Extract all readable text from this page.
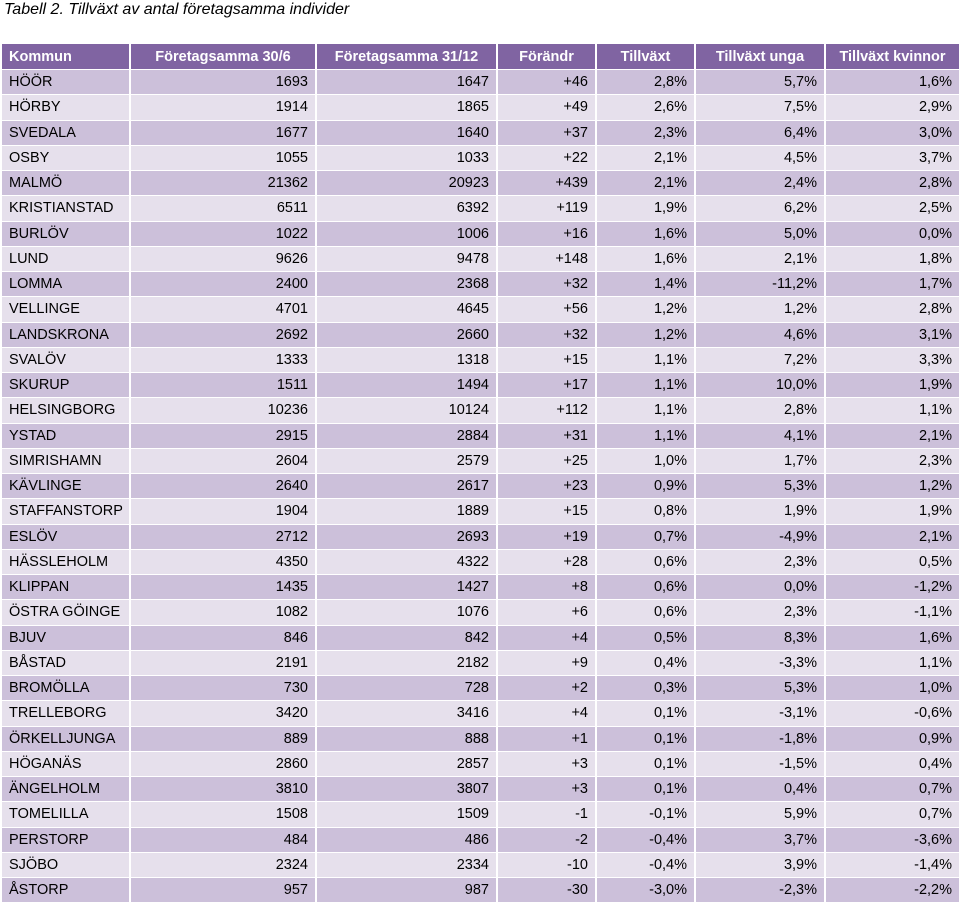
Tabell 2. Tillväxt av antal företagsamma individer
Kommun	Företagsamma 30/6	Företagsamma 31/12	Förändr	Tillväxt	Tillväxt unga	Tillväxt kvinnor
HÖÖR	1693	1647	+46	2,8%	5,7%	1,6%
HÖRBY	1914	1865	+49	2,6%	7,5%	2,9%
SVEDALA	1677	1640	+37	2,3%	6,4%	3,0%
OSBY	1055	1033	+22	2,1%	4,5%	3,7%
MALMÖ	21362	20923	+439	2,1%	2,4%	2,8%
KRISTIANSTAD	6511	6392	+119	1,9%	6,2%	2,5%
BURLÖV	1022	1006	+16	1,6%	5,0%	0,0%
LUND	9626	9478	+148	1,6%	2,1%	1,8%
LOMMA	2400	2368	+32	1,4%	-11,2%	1,7%
VELLINGE	4701	4645	+56	1,2%	1,2%	2,8%
LANDSKRONA	2692	2660	+32	1,2%	4,6%	3,1%
SVALÖV	1333	1318	+15	1,1%	7,2%	3,3%
SKURUP	1511	1494	+17	1,1%	10,0%	1,9%
HELSINGBORG	10236	10124	+112	1,1%	2,8%	1,1%
YSTAD	2915	2884	+31	1,1%	4,1%	2,1%
SIMRISHAMN	2604	2579	+25	1,0%	1,7%	2,3%
KÄVLINGE	2640	2617	+23	0,9%	5,3%	1,2%
STAFFANSTORP	1904	1889	+15	0,8%	1,9%	1,9%
ESLÖV	2712	2693	+19	0,7%	-4,9%	2,1%
HÄSSLEHOLM	4350	4322	+28	0,6%	2,3%	0,5%
KLIPPAN	1435	1427	+8	0,6%	0,0%	-1,2%
ÖSTRA GÖINGE	1082	1076	+6	0,6%	2,3%	-1,1%
BJUV	846	842	+4	0,5%	8,3%	1,6%
BÅSTAD	2191	2182	+9	0,4%	-3,3%	1,1%
BROMÖLLA	730	728	+2	0,3%	5,3%	1,0%
TRELLEBORG	3420	3416	+4	0,1%	-3,1%	-0,6%
ÖRKELLJUNGA	889	888	+1	0,1%	-1,8%	0,9%
HÖGANÄS	2860	2857	+3	0,1%	-1,5%	0,4%
ÄNGELHOLM	3810	3807	+3	0,1%	0,4%	0,7%
TOMELILLA	1508	1509	-1	-0,1%	5,9%	0,7%
PERSTORP	484	486	-2	-0,4%	3,7%	-3,6%
SJÖBO	2324	2334	-10	-0,4%	3,9%	-1,4%
ÅSTORP	957	987	-30	-3,0%	-2,3%	-2,2%
